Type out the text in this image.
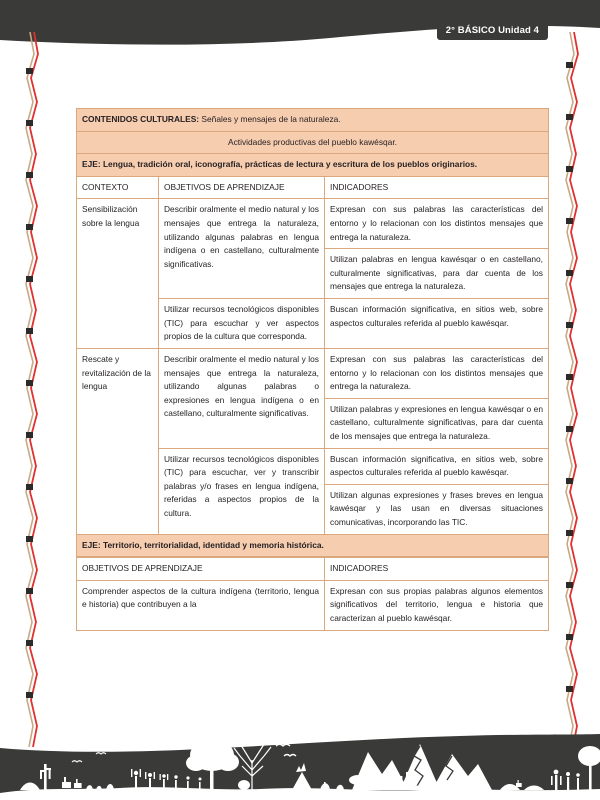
2° BÁSICO Unidad 4
CONTENIDOS CULTURALES: Señales y mensajes de la naturaleza.		
Actividades productivas del pueblo kawésqar.		
EJE: Lengua, tradición oral, iconografía, prácticas de lectura y escritura de los pueblos originarios.		
CONTEXTO	OBJETIVOS DE APRENDIZAJE	INDICADORES
Sensibilización sobre la lengua	Describir oralmente el medio natural y los mensajes que entrega la naturaleza, utilizando algunas palabras en lengua indígena o en castellano, culturalmente significativas.	Expresan con sus palabras las características del entorno y lo relacionan con los distintos mensajes que entrega la naturaleza.
		Utilizan palabras en lengua kawésqar o en castellano, culturalmente significativas, para dar cuenta de los mensajes que entrega la naturaleza.
	Utilizar recursos tecnológicos disponibles (TIC) para escuchar y ver aspectos propios de la cultura que corresponda.	Buscan información significativa, en sitios web, sobre aspectos culturales referida al pueblo kawésqar.
Rescate y revitalización de la lengua	Describir oralmente el medio natural y los mensajes que entrega la naturaleza, utilizando algunas palabras o expresiones en lengua indígena o en castellano, culturalmente significativas.	Expresan con sus palabras las características del entorno y lo relacionan con los distintos mensajes que entrega la naturaleza.
		Utilizan palabras y expresiones en lengua kawésqar o en castellano, culturalmente significativas, para dar cuenta de los mensajes que entrega la naturaleza.
	Utilizar recursos tecnológicos disponibles (TIC) para escuchar, ver y transcribir palabras y/o frases en lengua indígena, referidas a aspectos propios de la cultura.	Buscan información significativa, en sitios web, sobre aspectos culturales referida al pueblo kawésqar.
		Utilizan algunas expresiones y frases breves en lengua kawésqar y las usan en diversas situaciones comunicativas, incorporando las TIC.
EJE: Territorio, territorialidad, identidad y memoria histórica.		
OBJETIVOS DE APRENDIZAJE	INDICADORES
Comprender aspectos de la cultura indígena (territorio, lengua e historia) que contribuyen a la	Expresan con sus propias palabras algunos elementos significativos del territorio, lengua e historia que caracterizan al pueblo kawésqar.
